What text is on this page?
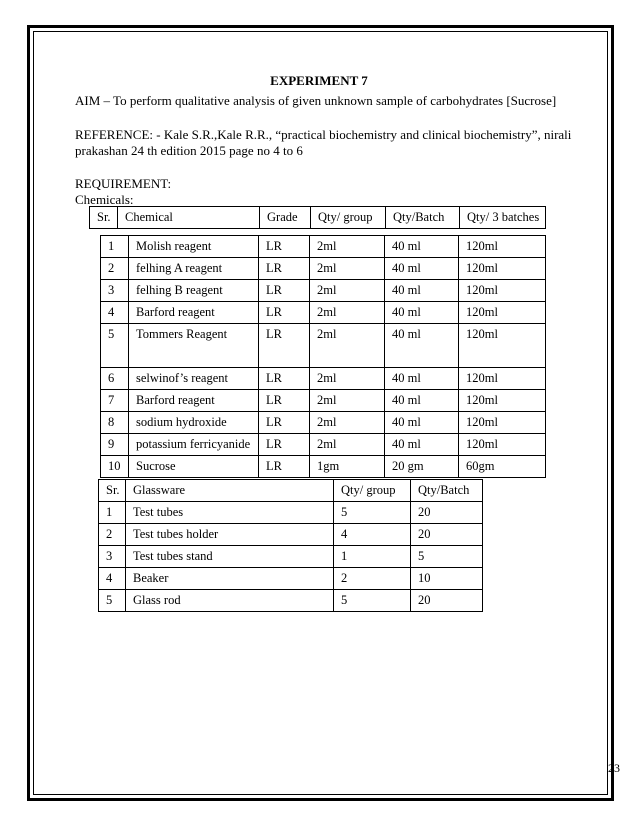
EXPERIMENT 7
AIM – To perform qualitative analysis of given unknown sample of carbohydrates [Sucrose]
REFERENCE: - Kale S.R.,Kale R.R., “practical biochemistry and clinical biochemistry”, nirali
prakashan 24 th edition 2015 page no 4 to 6
REQUIREMENT:
Chemicals:
Sr.	Chemical	Grade	Qty/ group	Qty/Batch	Qty/ 3 batches
1	Molish reagent	LR	2ml	40 ml	120ml
2	felhing A reagent	LR	2ml	40 ml	120ml
3	felhing B reagent	LR	2ml	40 ml	120ml
4	Barford reagent	LR	2ml	40 ml	120ml
5	Tommers Reagent	LR	2ml	40 ml	120ml
6	selwinof’s reagent	LR	2ml	40 ml	120ml
7	Barford reagent	LR	2ml	40 ml	120ml
8	sodium hydroxide	LR	2ml	40 ml	120ml
9	potassium ferricyanide	LR	2ml	40 ml	120ml
10	Sucrose	LR	1gm	20 gm	60gm
Sr.	Glassware	Qty/ group	Qty/Batch
1	Test tubes	5	20
2	Test tubes holder	4	20
3	Test tubes stand	1	5
4	Beaker	2	10
5	Glass rod	5	20
23
